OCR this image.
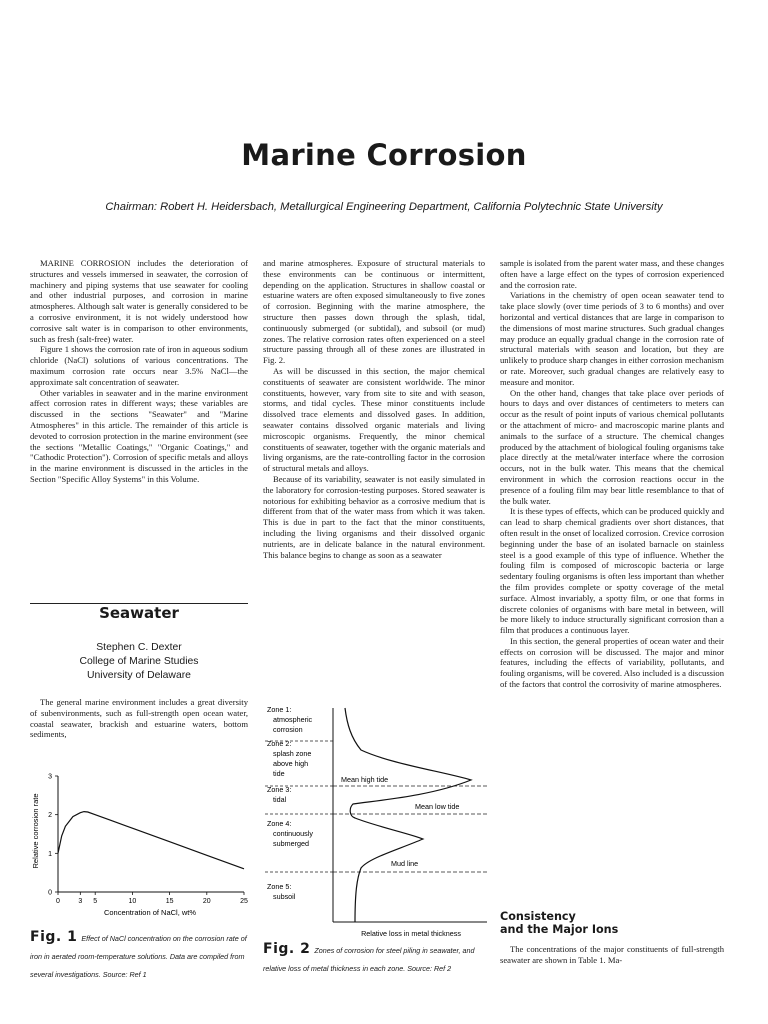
Marine Corrosion
Chairman: Robert H. Heidersbach, Metallurgical Engineering Department, California Polytechnic State University

MARINE CORROSION includes the deterioration of structures and vessels immersed in seawater, the corrosion of machinery and piping systems that use seawater for cooling and other industrial purposes, and corrosion in marine atmospheres. Although salt water is generally considered to be a corrosive environment, it is not widely understood how corrosive salt water is in comparison to other environments, such as fresh (salt-free) water.

Figure 1 shows the corrosion rate of iron in aqueous sodium chloride (NaCl) solutions of various concentrations. The maximum corrosion rate occurs near 3.5% NaCl—the approximate salt concentration of seawater.

Other variables in seawater and in the marine environment affect corrosion rates in different ways; these variables are discussed in the sections "Seawater" and "Marine Atmospheres" in this article. The remainder of this article is devoted to corrosion protection in the marine environment (see the sections "Metallic Coatings," "Organic Coatings," and "Cathodic Protection"). Corrosion of specific metals and alloys in the marine environment is discussed in the articles in the Section "Specific Alloy Systems" in this Volume.

Seawater
Stephen C. Dexter
College of Marine Studies
University of Delaware

The general marine environment includes a great diversity of subenvironments, such as full-strength open ocean water, coastal seawater, brackish and estuarine waters, bottom sediments,

Relative corrosion rate
Concentration of NaCl, wt%
0	3 5	10	15	20	25
0
1
2
3
Fig. 1 Effect of NaCl concentration on the corrosion rate of iron in aerated room-temperature solutions. Data are compiled from several investigations. Source: Ref 1

and marine atmospheres. Exposure of structural materials to these environments can be continuous or intermittent, depending on the application. Structures in shallow coastal or estuarine waters are often exposed simultaneously to five zones of corrosion. Beginning with the marine atmosphere, the structure then passes down through the splash, tidal, continuously submerged (or subtidal), and subsoil (or mud) zones. The relative corrosion rates often experienced on a steel structure passing through all of these zones are illustrated in Fig. 2.

As will be discussed in this section, the major chemical constituents of seawater are consistent worldwide. The minor constituents, however, vary from site to site and with season, storms, and tidal cycles. These minor constituents include dissolved trace elements and dissolved gases. In addition, seawater contains dissolved organic materials and living microscopic organisms. Frequently, the minor chemical constituents of seawater, together with the organic materials and living organisms, are the rate-controlling factor in the corrosion of structural metals and alloys.

Because of its variability, seawater is not easily simulated in the laboratory for corrosion-testing purposes. Stored seawater is notorious for exhibiting behavior as a corrosive medium that is different from that of the water mass from which it was taken. This is due in part to the fact that the minor constituents, including the living organisms and their dissolved organic nutrients, are in delicate balance in the natural environment. This balance begins to change as soon as a seawater

Zone 1: atmospheric corrosion
Zone 2: splash zone above high tide
Zone 3: tidal
Zone 4: continuously submerged
Zone 5: subsoil
Mean high tide
Mean low tide
Mud line
Relative loss in metal thickness
Fig. 2 Zones of corrosion for steel piling in seawater, and relative loss of metal thickness in each zone. Source: Ref 2

sample is isolated from the parent water mass, and these changes often have a large effect on the types of corrosion experienced and the corrosion rate.

Variations in the chemistry of open ocean seawater tend to take place slowly (over time periods of 3 to 6 months) and over horizontal and vertical distances that are large in comparison to the dimensions of most marine structures. Such gradual changes may produce an equally gradual change in the corrosion rate of structural materials with season and location, but they are unlikely to produce sharp changes in either corrosion mechanism or rate. Moreover, such gradual changes are relatively easy to measure and monitor.

On the other hand, changes that take place over periods of hours to days and over distances of centimeters to meters can occur as the result of point inputs of various chemical pollutants or the attachment of micro- and macroscopic marine plants and animals to the surface of a structure. The chemical changes produced by the attachment of biological fouling organisms take place directly at the metal/water interface where the corrosion occurs, not in the bulk water. This means that the chemical environment in which the corrosion reactions occur in the presence of a fouling film may bear little resemblance to that of the bulk water.

It is these types of effects, which can be produced quickly and can lead to sharp chemical gradients over short distances, that often result in the onset of localized corrosion. Crevice corrosion beginning under the base of an isolated barnacle on stainless steel is a good example of this type of influence. Whether the fouling film is composed of microscopic bacteria or large sedentary fouling organisms is often less important than whether the film provides complete or spotty coverage of the metal surface. Almost invariably, a spotty film, or one that forms in discrete colonies of organisms with bare metal in between, will be more likely to induce structurally significant corrosion than a film that produces a continuous layer.

In this section, the general properties of ocean water and their effects on corrosion will be discussed. The major and minor features, including the effects of variability, pollutants, and fouling organisms, will be covered. Also included is a discussion of the factors that control the corrosivity of marine atmospheres.

Consistency
and the Major Ions

The concentrations of the major constituents of full-strength seawater are shown in Table 1. Ma-
